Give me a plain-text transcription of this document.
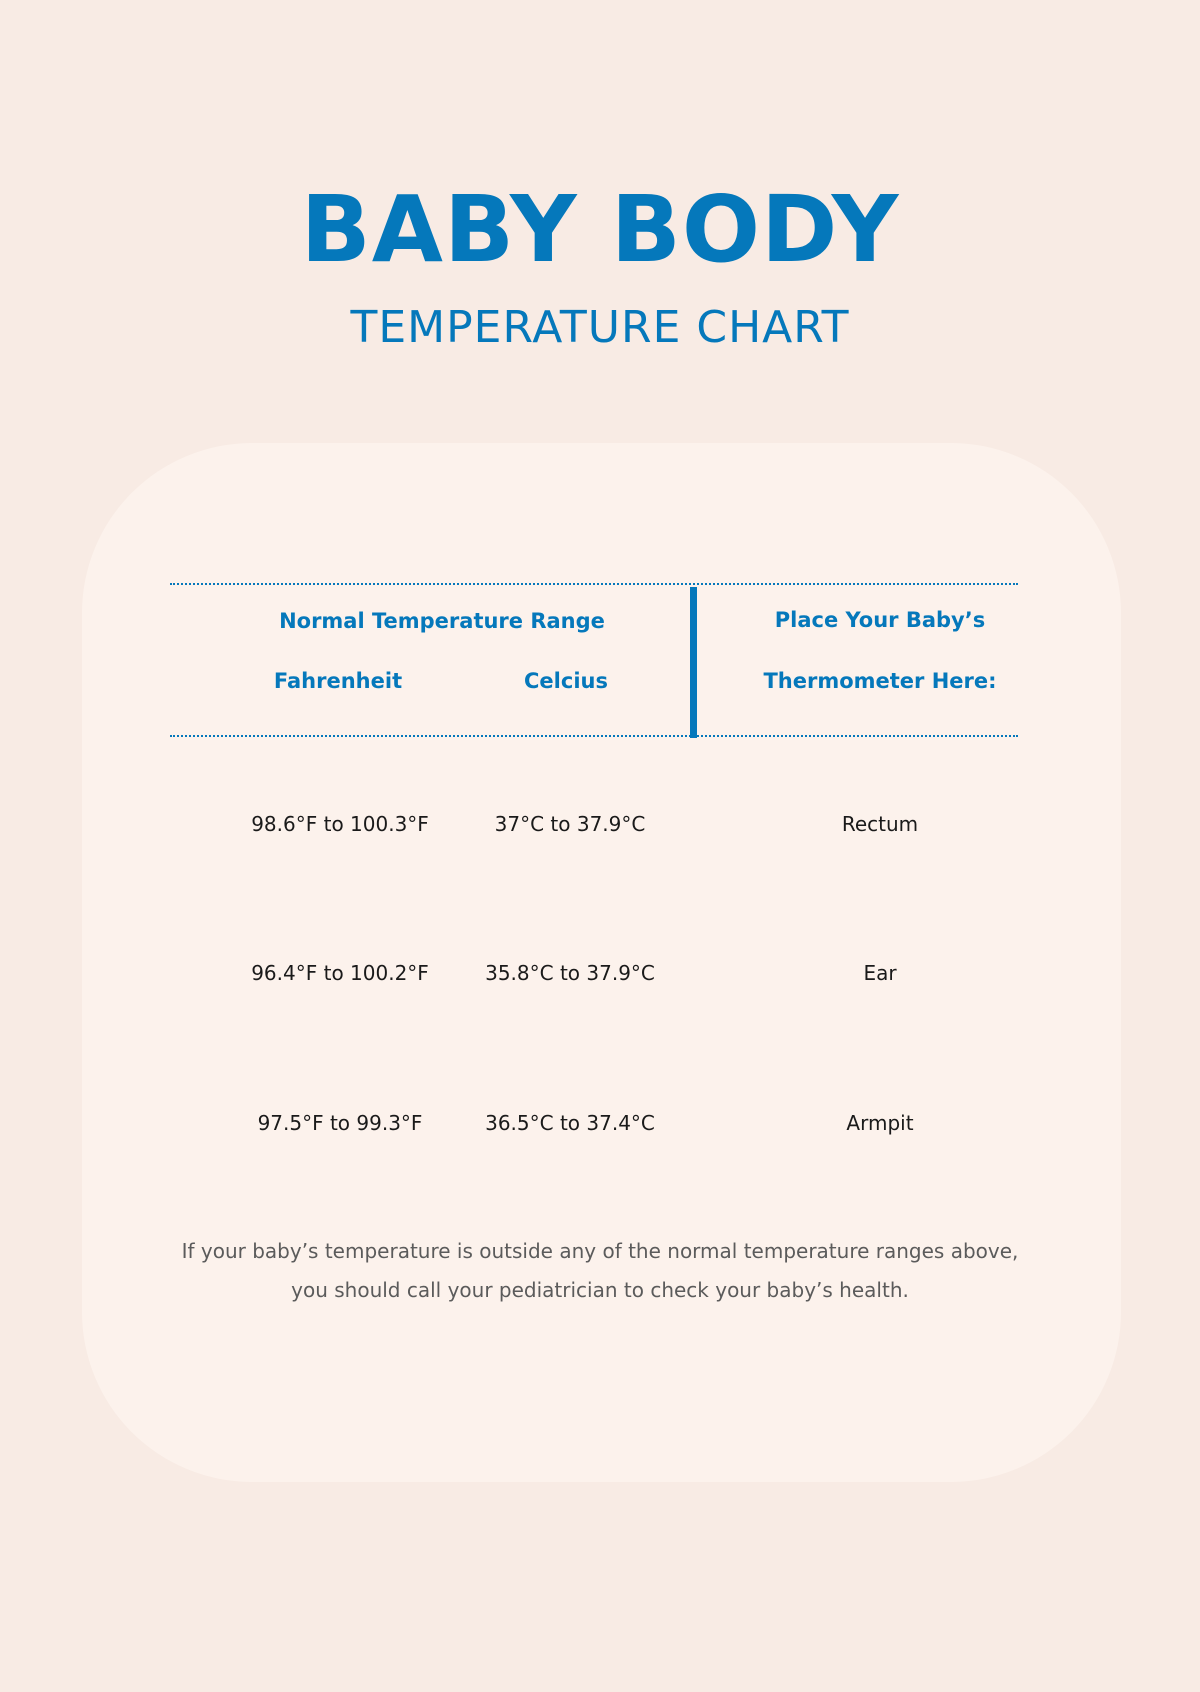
BABY BODY
TEMPERATURE CHART
Normal Temperature Range
Fahrenheit	Celcius
Place Your Baby’s
Thermometer Here:
98.6°F to 100.3°F	37°C to 37.9°C	Rectum
96.4°F to 100.2°F	35.8°C to 37.9°C	Ear
97.5°F to 99.3°F	36.5°C to 37.4°C	Armpit
If your baby’s temperature is outside any of the normal temperature ranges above,
you should call your pediatrician to check your baby’s health.
